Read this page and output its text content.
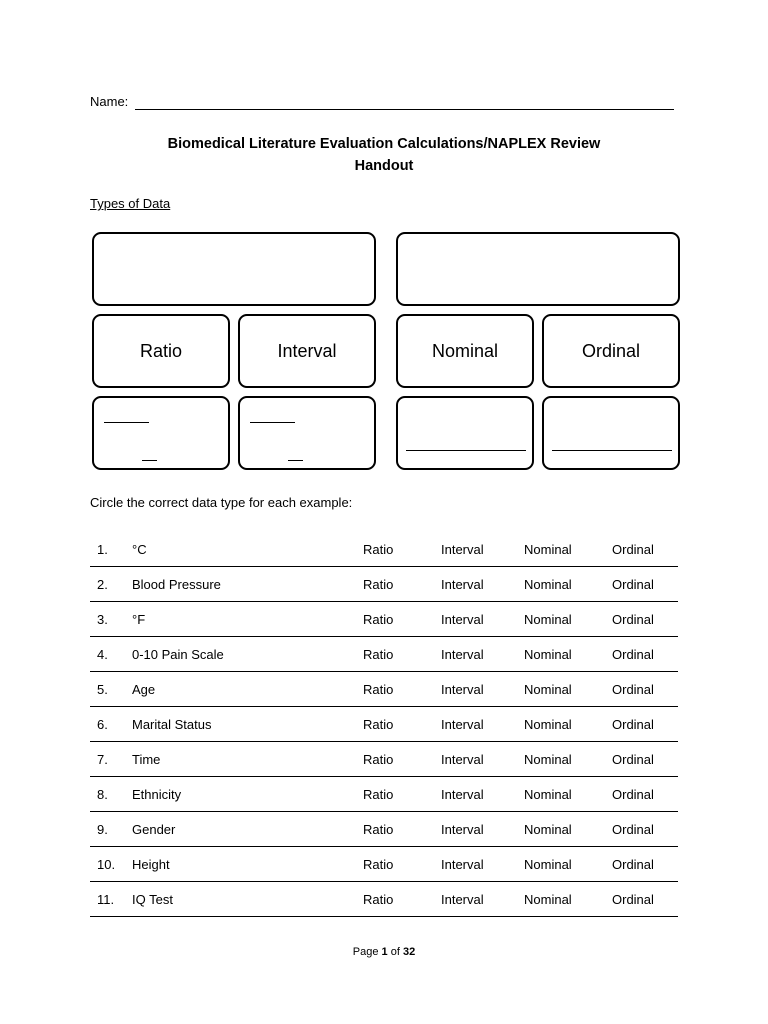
Name:
Biomedical Literature Evaluation Calculations/NAPLEX Review
Handout
Types of Data
Ratio	Interval	Nominal	Ordinal
Circle the correct data type for each example:
1. °C	Ratio	Interval	Nominal	Ordinal
2. Blood Pressure	Ratio	Interval	Nominal	Ordinal
3. °F	Ratio	Interval	Nominal	Ordinal
4. 0-10 Pain Scale	Ratio	Interval	Nominal	Ordinal
5. Age	Ratio	Interval	Nominal	Ordinal
6. Marital Status	Ratio	Interval	Nominal	Ordinal
7. Time	Ratio	Interval	Nominal	Ordinal
8. Ethnicity	Ratio	Interval	Nominal	Ordinal
9. Gender	Ratio	Interval	Nominal	Ordinal
10. Height	Ratio	Interval	Nominal	Ordinal
11. IQ Test	Ratio	Interval	Nominal	Ordinal
Page 1 of 32
